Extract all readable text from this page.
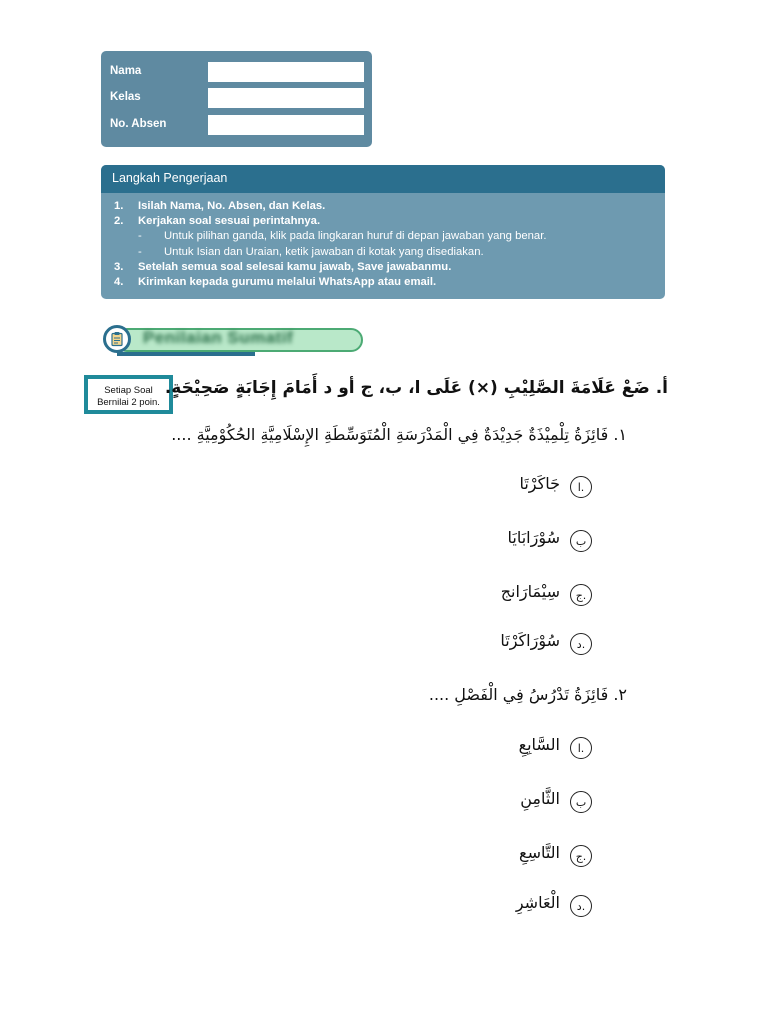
Nama
Kelas
No. Absen
Langkah Pengerjaan
1. Isilah Nama, No. Absen, dan Kelas.
2. Kerjakan soal sesuai perintahnya.
- Untuk pilihan ganda, klik pada lingkaran huruf di depan jawaban yang benar.
- Untuk Isian dan Uraian, ketik jawaban di kotak yang disediakan.
3. Setelah semua soal selesai kamu jawab, Save jawabanmu.
4. Kirimkan kepada gurumu melalui WhatsApp atau email.
Penilaian Sumatif
Setiap Soal
Bernilai 2 poin.
أ. ضَعْ عَلَامَةَ الصَّلِيْبِ (×) عَلَى ا، ب، ج أو د أَمَامَ إِجَابَةٍ صَحِيْحَةٍ.
١. فَائِزَةُ تِلْمِيْذَةٌ جَدِيْدَةٌ فِي الْمَدْرَسَةِ الْمُتَوَسِّطَةِ الإِسْلَامِيَّةِ الحُكُوْمِيَّةِ ....
ا.
جَاكَرْتَا
ب
سُوْرَابَايَا
ج.
سِيْمَارَانج
د.
سُوْرَاكَرْتَا
٢. فَائِزَةُ تَدْرُسُ فِي الْفَصْلِ ....
ا.
السَّابِعِ
ب
الثَّامِنِ
ج.
التَّاسِعِ
د.
الْعَاشِرِ
